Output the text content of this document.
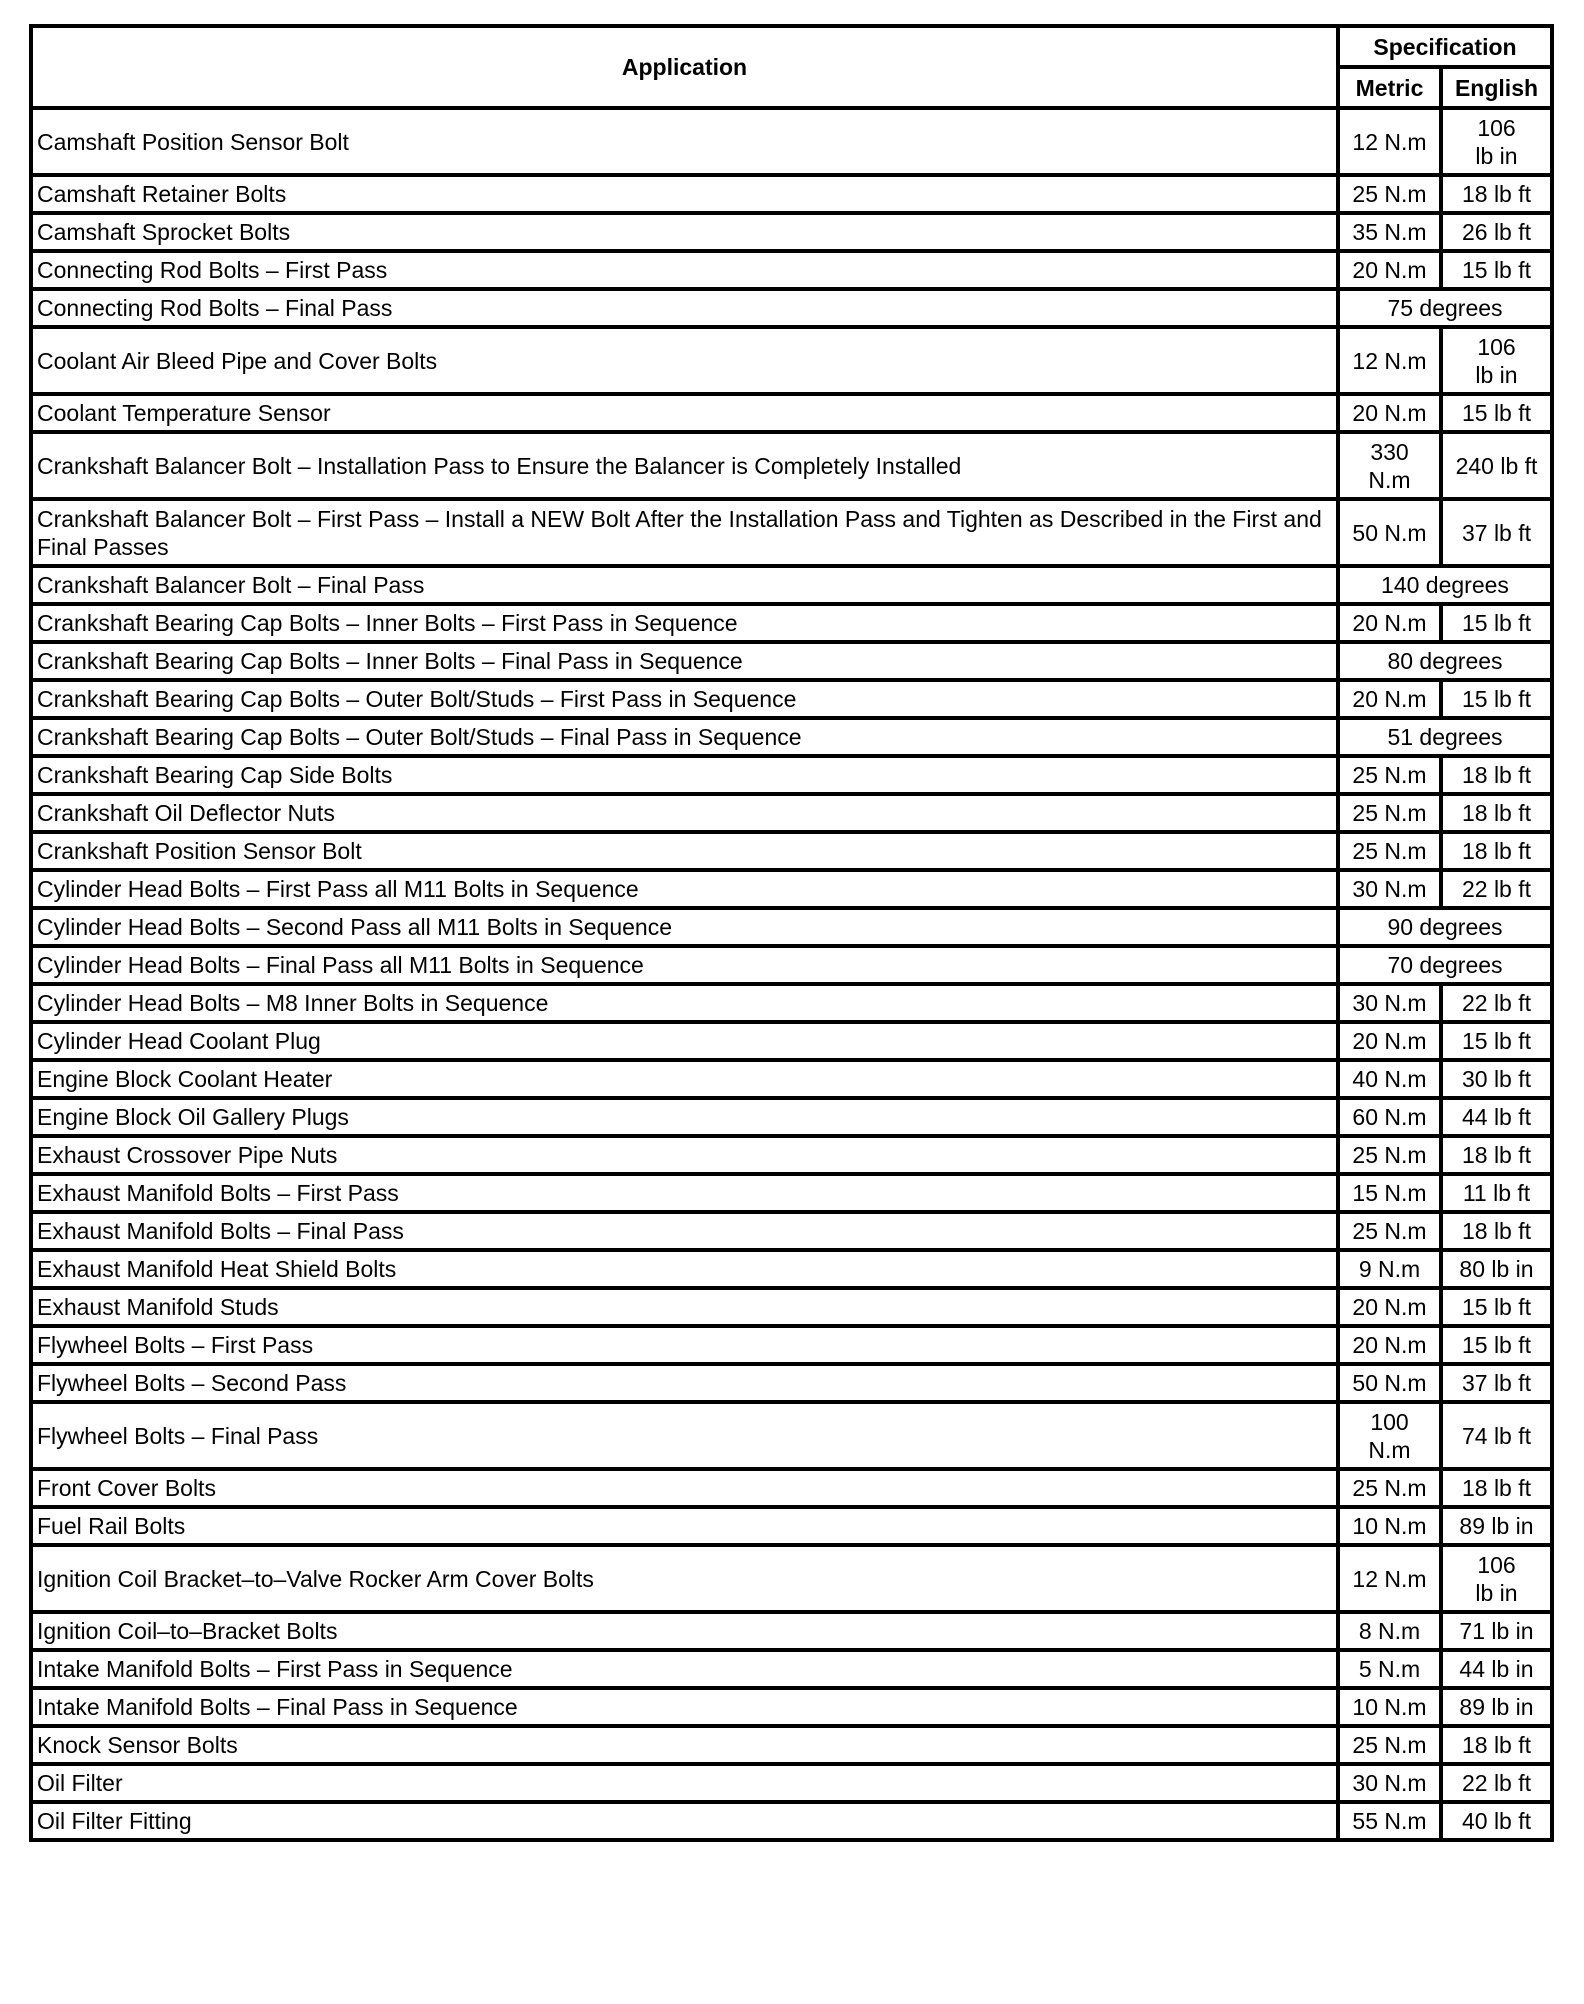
Application	Specification	
	Metric	English
Camshaft Position Sensor Bolt	12 N.m	106 lb in
Camshaft Retainer Bolts	25 N.m	18 lb ft
Camshaft Sprocket Bolts	35 N.m	26 lb ft
Connecting Rod Bolts – First Pass	20 N.m	15 lb ft
Connecting Rod Bolts – Final Pass	75 degrees	
Coolant Air Bleed Pipe and Cover Bolts	12 N.m	106 lb in
Coolant Temperature Sensor	20 N.m	15 lb ft
Crankshaft Balancer Bolt – Installation Pass to Ensure the Balancer is Completely Installed	330 N.m	240 lb ft
Crankshaft Balancer Bolt – First Pass – Install a NEW Bolt After the Installation Pass and Tighten as Described in the First and Final Passes	50 N.m	37 lb ft
Crankshaft Balancer Bolt – Final Pass	140 degrees	
Crankshaft Bearing Cap Bolts – Inner Bolts – First Pass in Sequence	20 N.m	15 lb ft
Crankshaft Bearing Cap Bolts – Inner Bolts – Final Pass in Sequence	80 degrees	
Crankshaft Bearing Cap Bolts – Outer Bolt/Studs – First Pass in Sequence	20 N.m	15 lb ft
Crankshaft Bearing Cap Bolts – Outer Bolt/Studs – Final Pass in Sequence	51 degrees	
Crankshaft Bearing Cap Side Bolts	25 N.m	18 lb ft
Crankshaft Oil Deflector Nuts	25 N.m	18 lb ft
Crankshaft Position Sensor Bolt	25 N.m	18 lb ft
Cylinder Head Bolts – First Pass all M11 Bolts in Sequence	30 N.m	22 lb ft
Cylinder Head Bolts – Second Pass all M11 Bolts in Sequence	90 degrees	
Cylinder Head Bolts – Final Pass all M11 Bolts in Sequence	70 degrees	
Cylinder Head Bolts – M8 Inner Bolts in Sequence	30 N.m	22 lb ft
Cylinder Head Coolant Plug	20 N.m	15 lb ft
Engine Block Coolant Heater	40 N.m	30 lb ft
Engine Block Oil Gallery Plugs	60 N.m	44 lb ft
Exhaust Crossover Pipe Nuts	25 N.m	18 lb ft
Exhaust Manifold Bolts – First Pass	15 N.m	11 lb ft
Exhaust Manifold Bolts – Final Pass	25 N.m	18 lb ft
Exhaust Manifold Heat Shield Bolts	9 N.m	80 lb in
Exhaust Manifold Studs	20 N.m	15 lb ft
Flywheel Bolts – First Pass	20 N.m	15 lb ft
Flywheel Bolts – Second Pass	50 N.m	37 lb ft
Flywheel Bolts – Final Pass	100 N.m	74 lb ft
Front Cover Bolts	25 N.m	18 lb ft
Fuel Rail Bolts	10 N.m	89 lb in
Ignition Coil Bracket–to–Valve Rocker Arm Cover Bolts	12 N.m	106 lb in
Ignition Coil–to–Bracket Bolts	8 N.m	71 lb in
Intake Manifold Bolts – First Pass in Sequence	5 N.m	44 lb in
Intake Manifold Bolts – Final Pass in Sequence	10 N.m	89 lb in
Knock Sensor Bolts	25 N.m	18 lb ft
Oil Filter	30 N.m	22 lb ft
Oil Filter Fitting	55 N.m	40 lb ft
